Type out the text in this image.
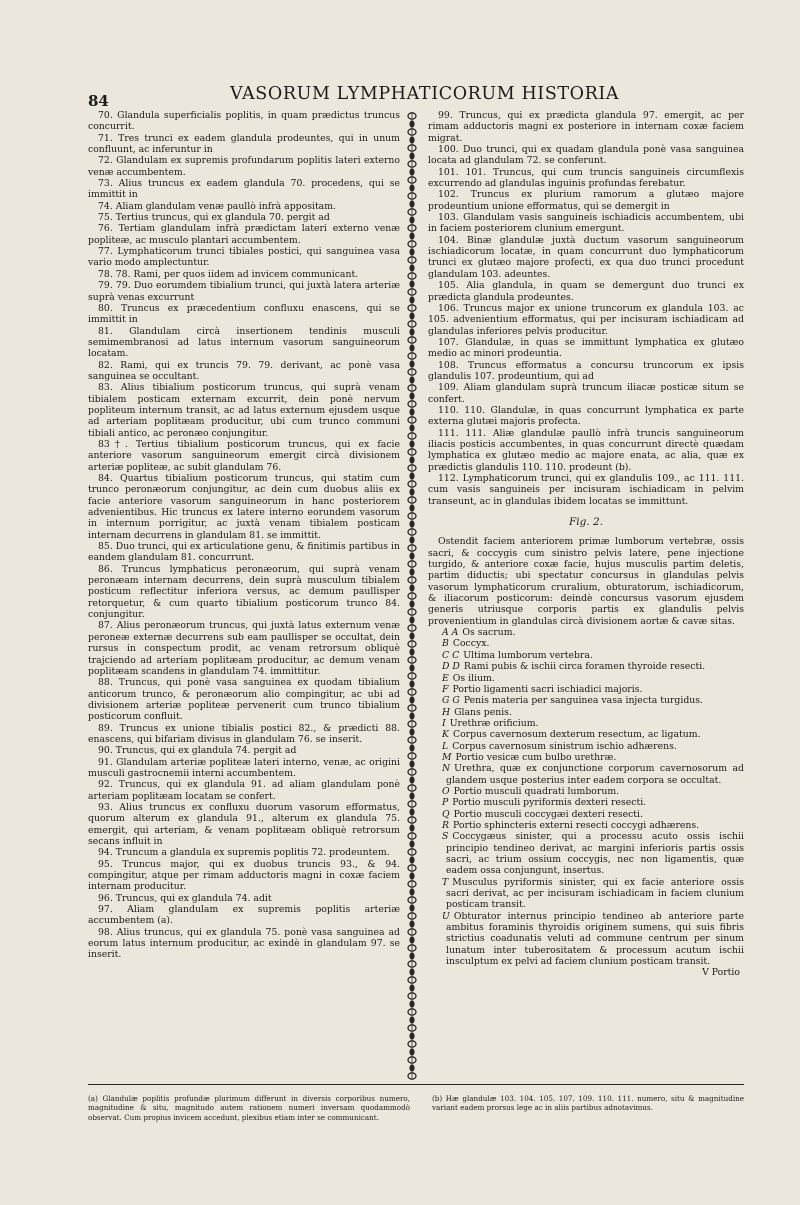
84	VASORUM LYMPHATICORUM HISTORIA

70. Glandula superficialis poplitis, in quam prædictus truncus concurrit.

71. Tres trunci ex eadem glandula prodeuntes, qui in unum confluunt, ac inferuntur in

72. Glandulam ex supremis profundarum poplitis lateri externo venæ accumbentem.

73. Alius truncus ex eadem glandula 70. procedens, qui se immittit in

74. Aliam glandulam venæ paullò infrà appositam.

75. Tertius truncus, qui ex glandula 70. pergit ad

76. Tertiam glandulam infrà prædictam lateri externo venæ popliteæ, ac musculo plantari accumbentem.

77. Lymphaticorum trunci tibiales postici, qui sanguinea vasa vario modo amplectuntur.

78. 78. Rami, per quos iidem ad invicem communicant.

79. 79. Duo eorumdem tibialium trunci, qui juxtà latera arteriæ suprà venas excurrunt

80. Truncus ex præcedentium confluxu enascens, qui se immittit in

81. Glandulam circà insertionem tendinis musculi semimembranosi ad latus internum vasorum sanguineorum locatam.

82. Rami, qui ex truncis 79. 79. derivant, ac ponè vasa sanguinea se occultant.

83. Alius tibialium posticorum truncus, qui suprà venam tibialem posticam externam excurrit, dein ponè nervum popliteum internum transit, ac ad latus externum ejusdem usque ad arteriam poplitæam producitur, ubi cum trunco communi tibiali antico, ac peronæo conjungitur.

83†. Tertius tibialium posticorum truncus, qui ex facie anteriore vasorum sanguineorum emergit circà divisionem arteriæ popliteæ, ac subit glandulam 76.

84. Quartus tibialium posticorum truncus, qui statim cum trunco peronæorum conjungitur, ac dein cum duobus aliis ex facie anteriore vasorum sanguineorum in hanc posteriorem advenientibus. Hic truncus ex latere interno eorundem vasorum in internum porrigitur, ac juxtà venam tibialem posticam internam decurrens in glandulam 81. se immittit.

85. Duo trunci, qui ex articulatione genu, & finitimis partibus in eandem glandulam 81. concurrunt.

86. Truncus lymphaticus peronæorum, qui suprà venam peronæam internam decurrens, dein suprà musculum tibialem posticum reflectitur inferiora versus, ac demum paullisper retorquetur, & cum quarto tibialium posticorum trunco 84. conjungitur.

87. Alius peronæorum truncus, qui juxtà latus externum venæ peroneæ externæ decurrens sub eam paullisper se occultat, dein rursus in conspectum prodit, ac venam retrorsum obliquè trajciendo ad arteriam poplitæam producitur, ac demum venam poplitæam scandens in glandulam 74. immittitur.

88. Truncus, qui ponè vasa sanguinea ex quodam tibialium anticorum trunco, & peronæorum alio compingitur, ac ubi ad divisionem arteriæ popliteæ pervenerit cum trunco tibialium posticorum confluit.

89. Truncus ex unione tibialis postici 82., & prædicti 88. enascens, qui bifariam divisus in glandulam 76. se inserit.

90. Truncus, qui ex glandula 74. pergit ad

91. Glandulam arteriæ popliteæ lateri interno, venæ, ac origini musculi gastrocnemii interni accumbentem.

92. Truncus, qui ex glandula 91. ad aliam glandulam ponè arteriam poplitæam locatam se confert.

93. Alius truncus ex confluxu duorum vasorum efformatus, quorum alterum ex glandula 91., alterum ex glandula 75. emergit, qui arteriam, & venam poplitæam obliquè retrorsum secans influit in

94. Truncum a glandula ex supremis poplitis 72. prodeuntem.

95. Truncus major, qui ex duobus truncis 93., & 94. compingitur, atque per rimam adductoris magni in coxæ faciem internam producitur.

96. Truncus, qui ex glandula 74. adit

97. Aliam glandulam ex supremis poplitis arteriæ accumbentem (a).

98. Alius truncus, qui ex glandula 75. ponè vasa sanguinea ad eorum latus internum producitur, ac exindè in glandulam 97. se inserit.

99. Truncus, qui ex prædicta glandula 97. emergit, ac per rimam adductoris magni ex posteriore in internam coxæ faciem migrat.

100. Duo trunci, qui ex quadam glandula ponè vasa sanguinea locata ad glandulam 72. se conferunt.

101. 101. Truncus, qui cum truncis sanguineis circumflexis excurrendo ad glandulas inguinis profundas ferebatur.

102. Truncus ex plurium ramorum a glutæo majore prodeuntium unione efformatus, qui se demergit in

103. Glandulam vasis sanguineis ischiadicis accumbentem, ubi in faciem posteriorem clunium emergunt.

104. Binæ glandulæ juxtà ductum vasorum sanguineorum ischiadicorum locatæ, in quam concurrunt duo lymphaticorum trunci ex glutæo majore profecti, ex qua duo trunci procedunt glandulam 103. adeuntes.

105. Alia glandula, in quam se demergunt duo trunci ex prædicta glandula prodeuntes.

106. Truncus major ex unione truncorum ex glandula 103. ac 105. advenientium efformatus, qui per incisuram ischiadicam ad glandulas inferiores pelvis producitur.

107. Glandulæ, in quas se immittunt lymphatica ex glutæo medio ac minori prodeuntia.

108. Truncus efformatus a concursu truncorum ex ipsis glandulis 107. prodeuntium, qui ad

109. Aliam glandulam suprà truncum iliacæ posticæ situm se confert.

110. 110. Glandulæ, in quas concurrunt lymphatica ex parte externa glutæi majoris profecta.

111. 111. Aliæ glandulæ paullò infrà truncis sanguineorum iliacis posticis accumbentes, in quas concurrunt directè quædam lymphatica ex glutæo medio ac majore enata, ac alia, quæ ex prædictis glandulis 110. 110. prodeunt (b).

112. Lymphaticorum trunci, qui ex glandulis 109., ac 111. 111. cum vasis sanguineis per incisuram ischiadicam in pelvim transeunt, ac in glandulas ibidem locatas se immittunt.

Fig. 2.

Ostendit faciem anteriorem primæ lumborum vertebræ, ossis sacri, & coccygis cum sinistro pelvis latere, pene injectione turgido, & anteriore coxæ facie, hujus musculis partim deletis, partim diductis; ubi spectatur concursus in glandulas pelvis vasorum lymphaticorum cruralium, obturatorum, ischiadicorum, & iliacorum posticorum: deindè concursus vasorum ejusdem generis utriusque corporis partis ex glandulis pelvis provenientium in glandulas circà divisionem aortæ & cavæ sitas.

A A Os sacrum.

B Coccyx.

C C Ultima lumborum vertebra.

D D Rami pubis & ischii circa foramen thyroide resecti.

E Os ilium.

F Portio ligamenti sacri ischiadici majoris.

G G Penis materia per sanguinea vasa injecta turgidus.

H Glans penis.

I Urethræ orificium.

K Corpus cavernosum dexterum resectum, ac ligatum.

L Corpus cavernosum sinistrum ischio adhærens.

M Portio vesicæ cum bulbo urethræ.

N Urethra, quæ ex conjunctione corporum cavernosorum ad glandem usque posterius inter eadem corpora se occultat.

O Portio musculi quadrati lumborum.

P Portio musculi pyriformis dexteri resecti.

Q Portio musculi coccygæi dexteri resecti.

R Portio sphincteris externi resecti coccygi adhærens.

S Coccygæus sinister, qui a processu acuto ossis ischii principio tendineo derivat, ac margini inferioris partis ossis sacri, ac trium ossium coccygis, nec non ligamentis, quæ eadem ossa conjungunt, insertus.

T Musculus pyriformis sinister, qui ex facie anteriore ossis sacri derivat, ac per incisuram ischiadicam in faciem clunium posticam transit.

U Obturator internus principio tendineo ab anteriore parte ambitus foraminis thyroidis originem sumens, qui suis fibris strictius coadunatis veluti ad commune centrum per sinum lunatum inter tuberositatem & processum acutum ischii insculptum ex pelvi ad faciem clunium posticam transit.

V Portio

(a) Glandulæ poplitis profundæ plurimum differunt in diversis corporibus numero, magnitudine & situ, magnitudo autem rationem numeri inversam quodammodò observat. Cum propius invicem accedunt, plexibus etiam inter se communicant.
(b) Hæ glandulæ 103. 104. 105. 107. 109. 110. 111. numero, situ & magnitudine variant eadem prorsus lege ac in aliis partibus adnotavimus.
